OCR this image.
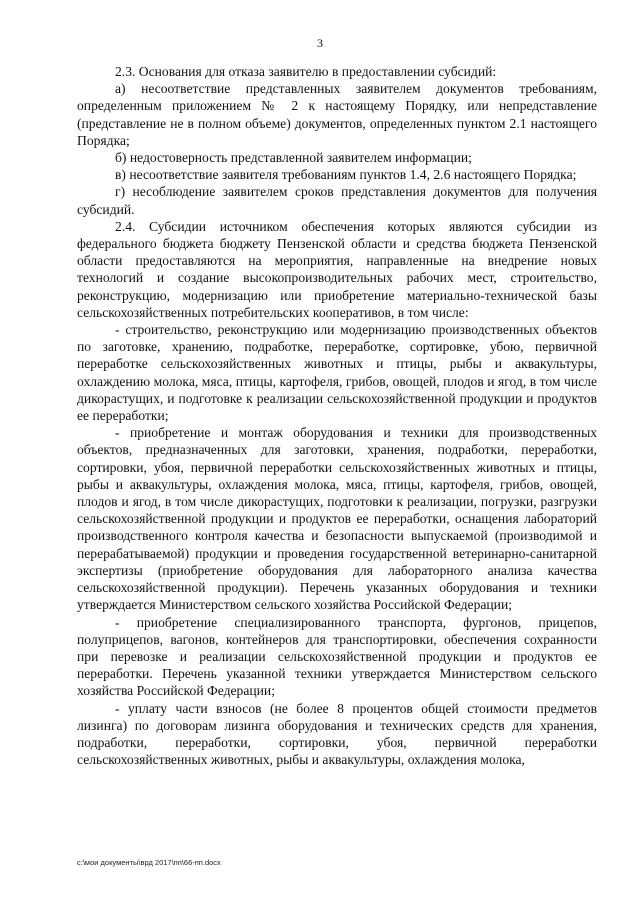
3

2.3. Основания для отказа заявителю в предоставлении субсидий:

а) несоответствие представленных заявителем документов требованиям, определенным приложением № 2 к настоящему Порядку, или непредставление (представление не в полном объеме) документов, определенных пунктом 2.1 настоящего Порядка;

б) недостоверность представленной заявителем информации;

в) несоответствие заявителя требованиям пунктов 1.4, 2.6 настоящего Порядка;

г) несоблюдение заявителем сроков представления документов для получения субсидий.

2.4. Субсидии источником обеспечения которых являются субсидии из федерального бюджета бюджету Пензенской области и средства бюджета Пензенской области предоставляются на мероприятия, направленные на внедрение новых технологий и создание высокопроизводительных рабочих мест, строительство, реконструкцию, модернизацию или приобретение материально-технической базы сельскохозяйственных потребительских кооперативов, в том числе:

- строительство, реконструкцию или модернизацию производственных объектов по заготовке, хранению, подработке, переработке, сортировке, убою, первичной переработке сельскохозяйственных животных и птицы, рыбы и аквакультуры, охлаждению молока, мяса, птицы, картофеля, грибов, овощей, плодов и ягод, в том числе дикорастущих, и подготовке к реализации сельскохозяйственной продукции и продуктов ее переработки;

- приобретение и монтаж оборудования и техники для производственных объектов, предназначенных для заготовки, хранения, подработки, переработки, сортировки, убоя, первичной переработки сельскохозяйственных животных и птицы, рыбы и аквакультуры, охлаждения молока, мяса, птицы, картофеля, грибов, овощей, плодов и ягод, в том числе дикорастущих, подготовки к реализации, погрузки, разгрузки сельскохозяйственной продукции и продуктов ее переработки, оснащения лабораторий производственного контроля качества и безопасности выпускаемой (производимой и перерабатываемой) продукции и проведения государственной ветеринарно-санитарной экспертизы (приобретение оборудования для лабораторного анализа качества сельскохозяйственной продукции). Перечень указанных оборудования и техники утверждается Министерством сельского хозяйства Российской Федерации;

- приобретение специализированного транспорта, фургонов, прицепов, полуприцепов, вагонов, контейнеров для транспортировки, обеспечения сохранности при перевозке и реализации сельскохозяйственной продукции и продуктов ее переработки. Перечень указанной техники утверждается Министерством сельского хозяйства Российской Федерации;

- уплату части взносов (не более 8 процентов общей стоимости предметов лизинга) по договорам лизинга оборудования и технических средств для хранения, подработки, переработки, сортировки, убоя, первичной переработки сельскохозяйственных животных, рыбы и аквакультуры, охлаждения молока,

c:\мои документы\врд 2017\пп\66-пп.docx
